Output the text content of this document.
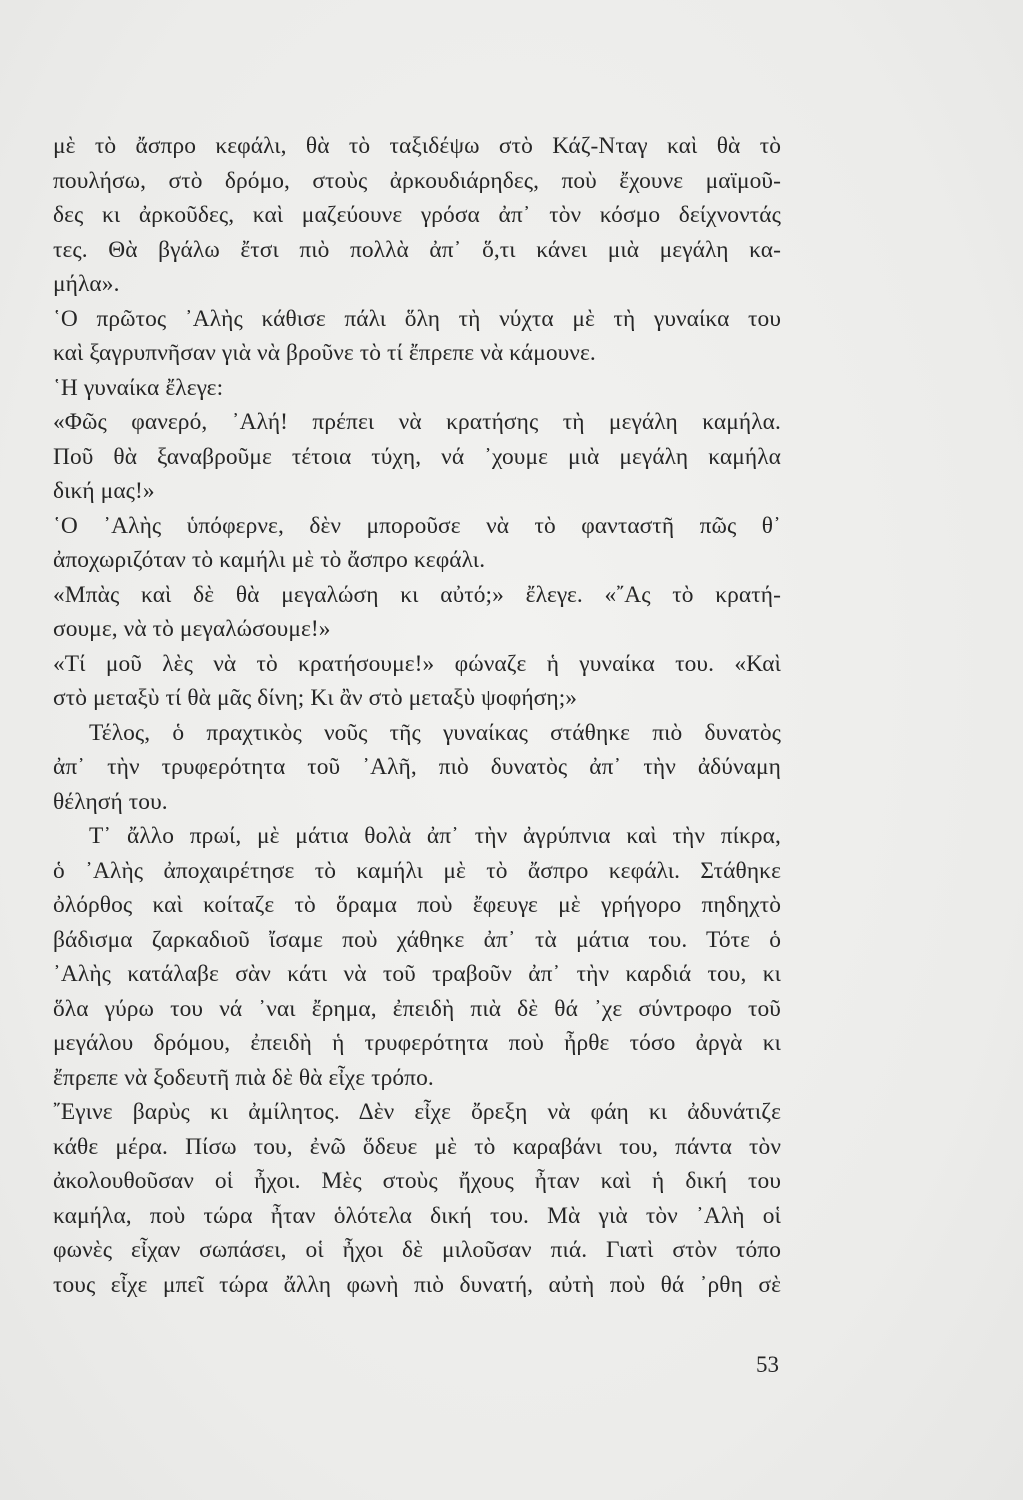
μὲ τὸ ἄσπρο κεφάλι, θὰ τὸ ταξιδέψω στὸ Κάζ-Νταγ καὶ θὰ τὸ
πουλήσω, στὸ δρόμο, στοὺς ἀρκουδιάρηδες, ποὺ ἔχουνε μαϊμοῦ-
δες κι ἀρκοῦδες, καὶ μαζεύουνε γρόσα ἀπ᾿ τὸν κόσμο δείχνοντάς
τες. Θὰ βγάλω ἔτσι πιὸ πολλὰ ἀπ᾿ ὅ,τι κάνει μιὰ μεγάλη κα-
μήλα».
῾Ο πρῶτος ᾿Αλὴς κάθισε πάλι ὅλη τὴ νύχτα μὲ τὴ γυναίκα του
καὶ ξαγρυπνῆσαν γιὰ νὰ βροῦνε τὸ τί ἔπρεπε νὰ κάμουνε.
῾Η γυναίκα ἔλεγε:
«Φῶς φανερό, ᾿Αλή! πρέπει νὰ κρατήσης τὴ μεγάλη καμήλα.
Ποῦ θὰ ξαναβροῦμε τέτοια τύχη, νά ᾿χουμε μιὰ μεγάλη καμήλα
δική μας!»
῾Ο ᾿Αλὴς ὑπόφερνε, δὲν μποροῦσε νὰ τὸ φανταστῆ πῶς θ᾿
ἀποχωριζόταν τὸ καμήλι μὲ τὸ ἄσπρο κεφάλι.
«Μπὰς καὶ δὲ θὰ μεγαλώση κι αὐτό;» ἔλεγε. «῎Ας τὸ κρατή-
σουμε, νὰ τὸ μεγαλώσουμε!»
«Τί μοῦ λὲς νὰ τὸ κρατήσουμε!» φώναζε ἡ γυναίκα του. «Καὶ
στὸ μεταξὺ τί θὰ μᾶς δίνη; Κι ἂν στὸ μεταξὺ ψοφήση;»
Τέλος, ὁ πραχτικὸς νοῦς τῆς γυναίκας στάθηκε πιὸ δυνατὸς
ἀπ᾿ τὴν τρυφερότητα τοῦ ᾿Αλῆ, πιὸ δυνατὸς ἀπ᾿ τὴν ἀδύναμη
θέλησή του.
Τ᾿ ἄλλο πρωί, μὲ μάτια θολὰ ἀπ᾿ τὴν ἀγρύπνια καὶ τὴν πίκρα,
ὁ ᾿Αλὴς ἀποχαιρέτησε τὸ καμήλι μὲ τὸ ἄσπρο κεφάλι. Στάθηκε
ὀλόρθος καὶ κοίταζε τὸ ὅραμα ποὺ ἔφευγε μὲ γρήγορο πηδηχτὸ
βάδισμα ζαρκαδιοῦ ἴσαμε ποὺ χάθηκε ἀπ᾿ τὰ μάτια του. Τότε ὁ
᾿Αλὴς κατάλαβε σὰν κάτι νὰ τοῦ τραβοῦν ἀπ᾿ τὴν καρδιά του, κι
ὅλα γύρω του νά ᾿ναι ἔρημα, ἐπειδὴ πιὰ δὲ θά ᾿χε σύντροφο τοῦ
μεγάλου δρόμου, ἐπειδὴ ἡ τρυφερότητα ποὺ ἦρθε τόσο ἀργὰ κι
ἔπρεπε νὰ ξοδευτῆ πιὰ δὲ θὰ εἶχε τρόπο.
῎Εγινε βαρὺς κι ἀμίλητος. Δὲν εἶχε ὄρεξη νὰ φάη κι ἀδυνάτιζε
κάθε μέρα. Πίσω του, ἐνῶ ὅδευε μὲ τὸ καραβάνι του, πάντα τὸν
ἀκολουθοῦσαν οἱ ἦχοι. Μὲς στοὺς ἤχους ἦταν καὶ ἡ δική του
καμήλα, ποὺ τώρα ἦταν ὁλότελα δική του. Μὰ γιὰ τὸν ᾿Αλὴ οἱ
φωνὲς εἶχαν σωπάσει, οἱ ἦχοι δὲ μιλοῦσαν πιά. Γιατὶ στὸν τόπο
τους εἶχε μπεῖ τώρα ἄλλη φωνὴ πιὸ δυνατή, αὐτὴ ποὺ θά ᾿ρθη σὲ
53
